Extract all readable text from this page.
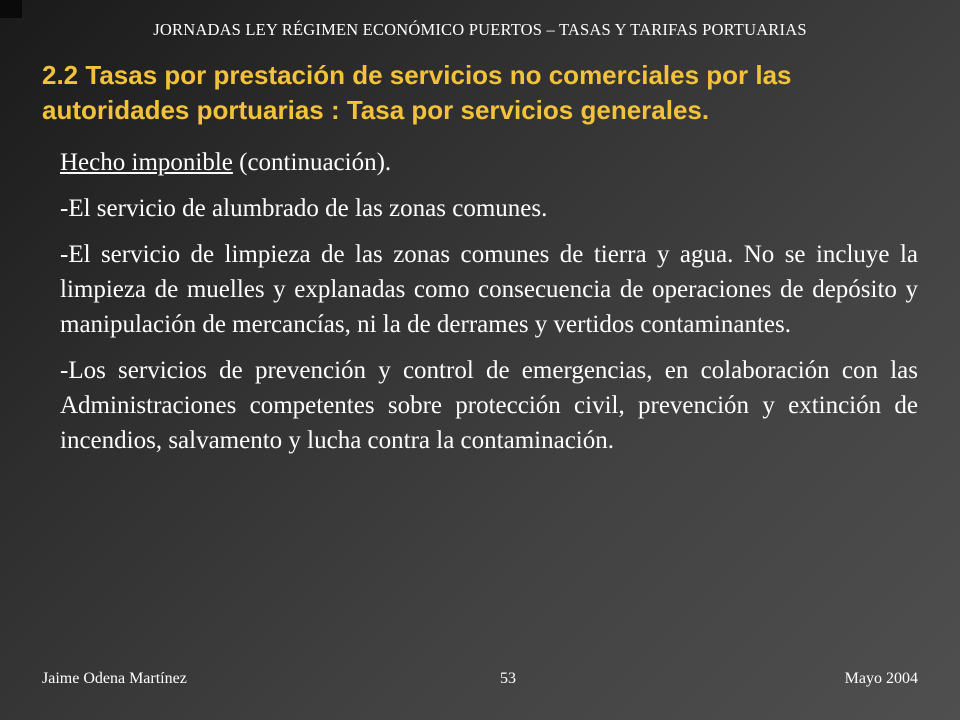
JORNADAS LEY RÉGIMEN ECONÓMICO PUERTOS – TASAS Y TARIFAS PORTUARIAS
2.2 Tasas por prestación de servicios no comerciales por las autoridades portuarias : Tasa por servicios generales.

Hecho imponible (continuación).

-El servicio de alumbrado de las zonas comunes.

-El servicio de limpieza de las zonas comunes de tierra y agua. No se incluye la limpieza de muelles y explanadas como consecuencia de operaciones de depósito y manipulación de mercancías, ni la de derrames y vertidos contaminantes.

-Los servicios de prevención y control de emergencias, en colaboración con las Administraciones competentes sobre protección civil, prevención y extinción de incendios, salvamento y lucha contra la contaminación.

Jaime Odena Martínez	53	Mayo 2004
